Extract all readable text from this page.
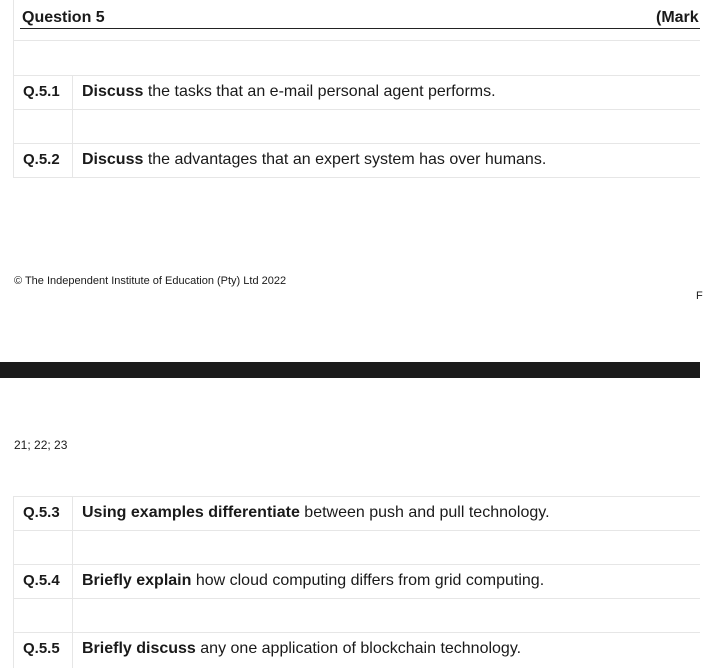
Question 5	(Mark
Q.5.1 Discuss the tasks that an e-mail personal agent performs.
Q.5.2 Discuss the advantages that an expert system has over humans.
© The Independent Institute of Education (Pty) Ltd 2022
F
21; 22; 23
Q.5.3 Using examples differentiate between push and pull technology.
Q.5.4 Briefly explain how cloud computing differs from grid computing.
Q.5.5 Briefly discuss any one application of blockchain technology.
